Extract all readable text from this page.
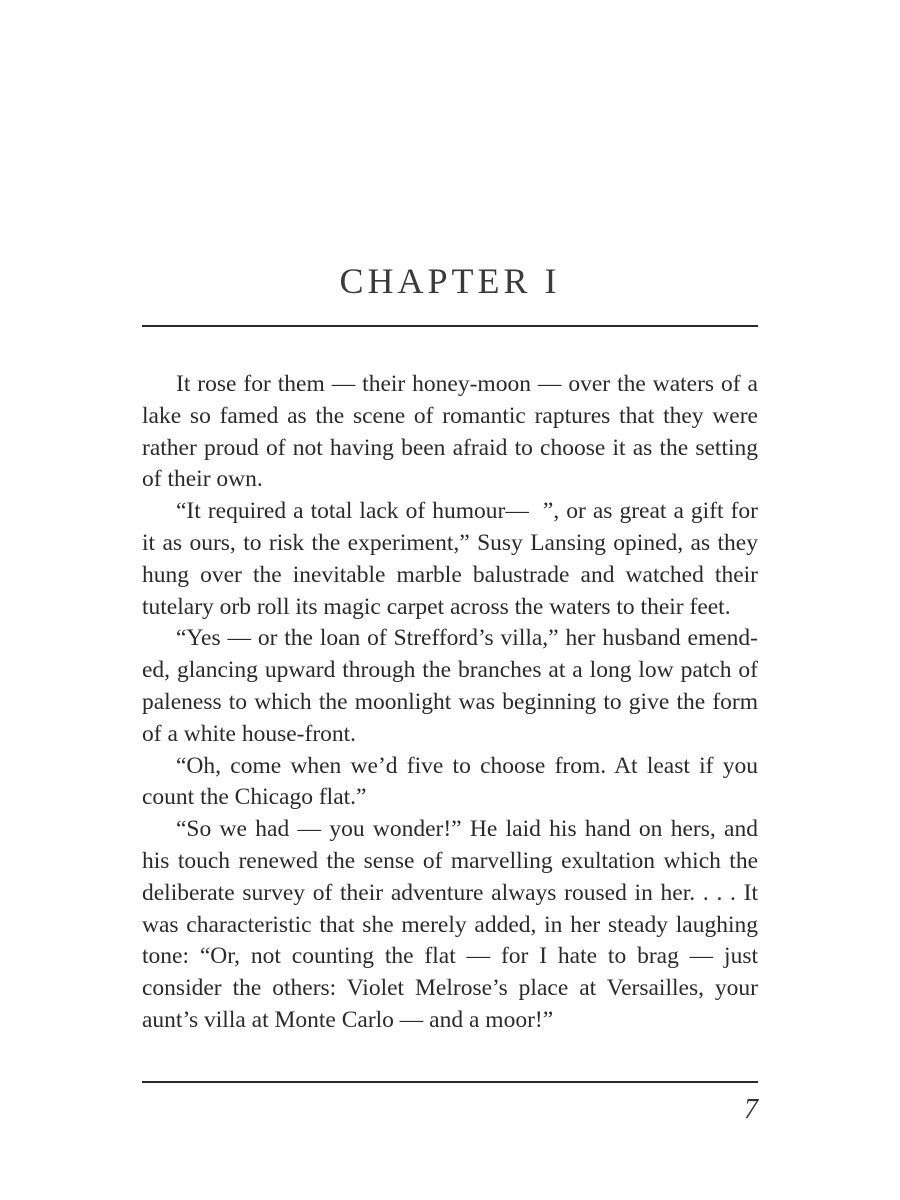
CHAPTER I

It rose for them — their honey-moon — over the waters of a lake so famed as the scene of romantic raptures that they were rather proud of not having been afraid to choose it as the setting of their own.

“It required a total lack of humour—  ”, or as great a gift for it as ours, to risk the experiment,” Susy Lansing opined, as they hung over the inevitable marble balustrade and watched their tutelary orb roll its magic carpet across the waters to their feet.

“Yes — or the loan of Strefford’s villa,” her husband emended, glancing upward through the branches at a long low patch of paleness to which the moonlight was beginning to give the form of a white house-front.

“Oh, come when we’d five to choose from. At least if you count the Chicago flat.”

“So we had — you wonder!” He laid his hand on hers, and his touch renewed the sense of marvelling exultation which the deliberate survey of their adventure always roused in her. . . . It was characteristic that she merely added, in her steady laughing tone: “Or, not counting the flat — for I hate to brag — just consider the others: Violet Melrose’s place at Versailles, your aunt’s villa at Monte Carlo — and a moor!”

7
